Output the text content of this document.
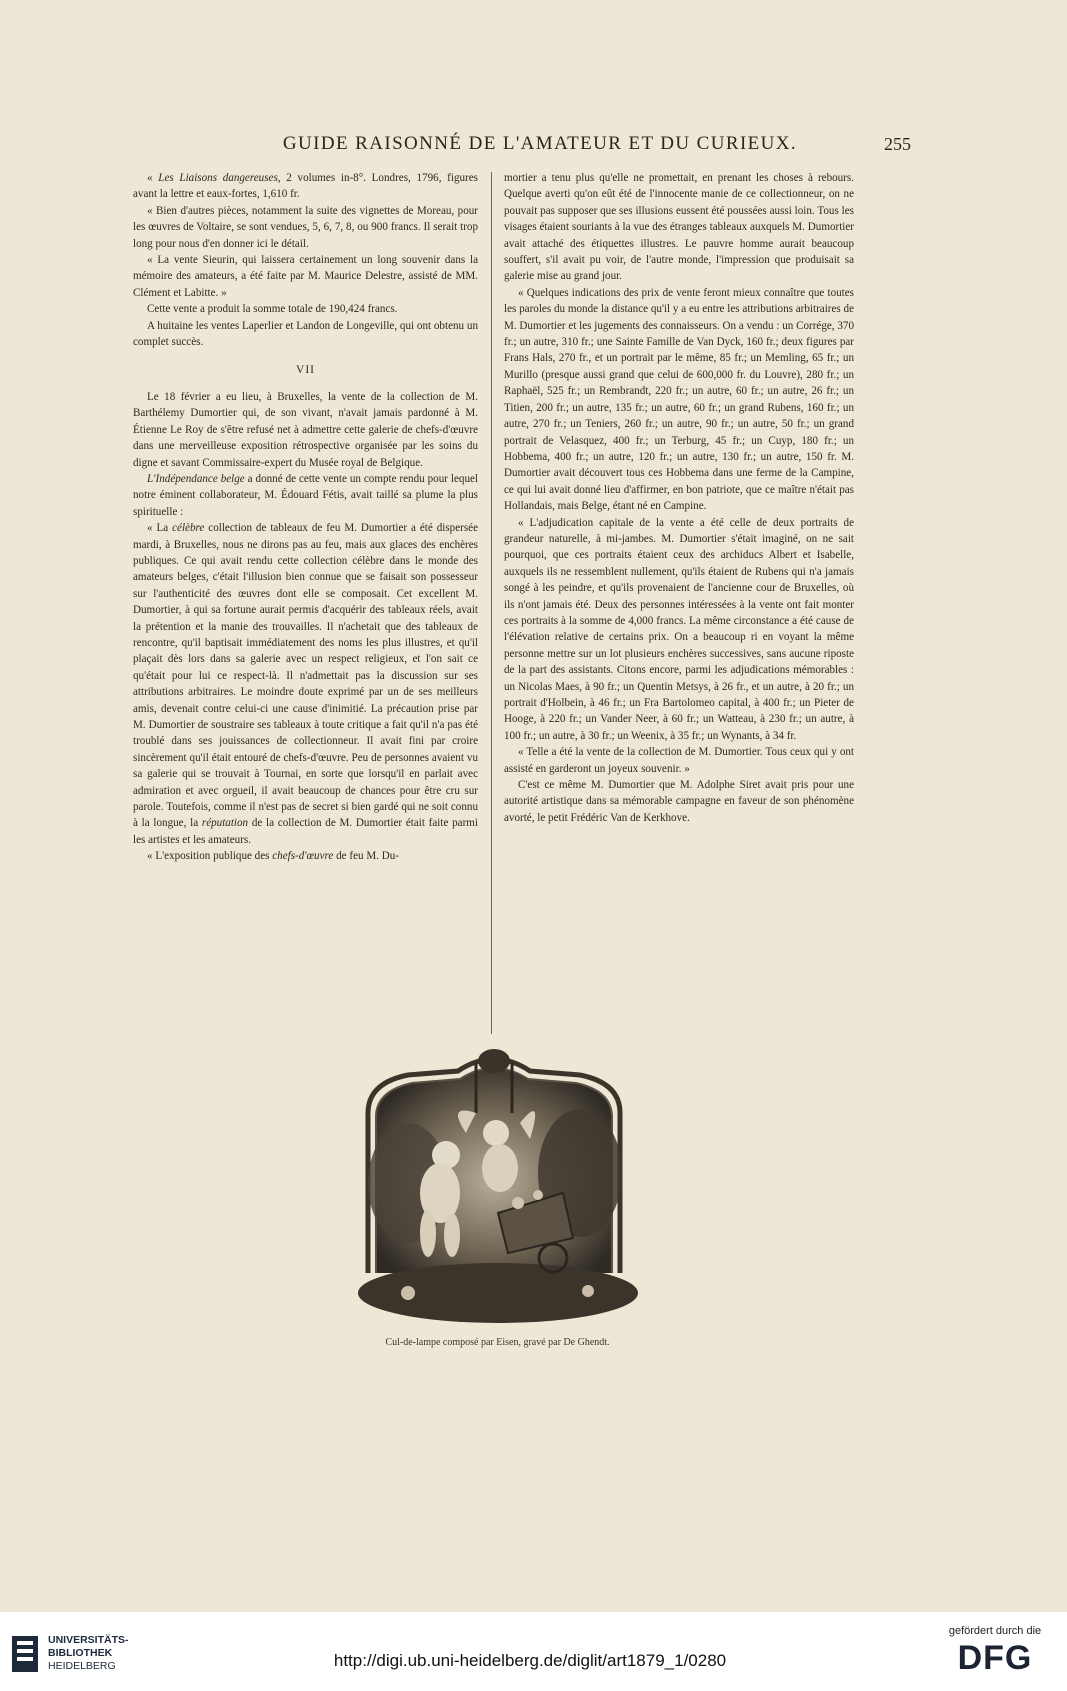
GUIDE RAISONNÉ DE L'AMATEUR ET DU CURIEUX.	255

« Les Liaisons dangereuses, 2 volumes in-8°. Londres, 1796, figures avant la lettre et eaux-fortes, 1,610 fr.

« Bien d'autres pièces, notamment la suite des vignettes de Moreau, pour les œuvres de Voltaire, se sont vendues, 5, 6, 7, 8, ou 900 francs. Il serait trop long pour nous d'en donner ici le détail.

« La vente Sieurin, qui laissera certainement un long souvenir dans la mémoire des amateurs, a été faite par M. Maurice Delestre, assisté de MM. Clément et Labitte. »

Cette vente a produit la somme totale de 190,424 francs.

A huitaine les ventes Laperlier et Landon de Longeville, qui ont obtenu un complet succès.

VII

Le 18 février a eu lieu, à Bruxelles, la vente de la collection de M. Barthélemy Dumortier qui, de son vivant, n'avait jamais pardonné à M. Étienne Le Roy de s'être refusé net à admettre cette galerie de chefs-d'œuvre dans une merveilleuse exposition rétrospective organisée par les soins du digne et savant Commissaire-expert du Musée royal de Belgique.

L'Indépendance belge a donné de cette vente un compte rendu pour lequel notre éminent collaborateur, M. Édouard Fétis, avait taillé sa plume la plus spirituelle :

« La célèbre collection de tableaux de feu M. Dumortier a été dispersée mardi, à Bruxelles, nous ne dirons pas au feu, mais aux glaces des enchères publiques. Ce qui avait rendu cette collection célèbre dans le monde des amateurs belges, c'était l'illusion bien connue que se faisait son possesseur sur l'authenticité des œuvres dont elle se composait. Cet excellent M. Dumortier, à qui sa fortune aurait permis d'acquérir des tableaux réels, avait la prétention et la manie des trouvailles. Il n'achetait que des tableaux de rencontre, qu'il baptisait immédiatement des noms les plus illustres, et qu'il plaçait dès lors dans sa galerie avec un respect religieux, et l'on sait ce qu'était pour lui ce respect-là. Il n'admettait pas la discussion sur ses attributions arbitraires. Le moindre doute exprimé par un de ses meilleurs amis, devenait contre celui-ci une cause d'inimitié. La précaution prise par M. Dumortier de soustraire ses tableaux à toute critique a fait qu'il n'a pas été troublé dans ses jouissances de collectionneur. Il avait fini par croire sincèrement qu'il était entouré de chefs-d'œuvre. Peu de personnes avaient vu sa galerie qui se trouvait à Tournai, en sorte que lorsqu'il en parlait avec admiration et avec orgueil, il avait beaucoup de chances pour être cru sur parole. Toutefois, comme il n'est pas de secret si bien gardé qui ne soit connu à la longue, la réputation de la collection de M. Dumortier était faite parmi les artistes et les amateurs.

« L'exposition publique des chefs-d'œuvre de feu M. Du-

mortier a tenu plus qu'elle ne promettait, en prenant les choses à rebours. Quelque averti qu'on eût été de l'innocente manie de ce collectionneur, on ne pouvait pas supposer que ses illusions eussent été poussées aussi loin. Tous les visages étaient souriants à la vue des étranges tableaux auxquels M. Dumortier avait attaché des étiquettes illustres. Le pauvre homme aurait beaucoup souffert, s'il avait pu voir, de l'autre monde, l'impression que produisait sa galerie mise au grand jour.

« Quelques indications des prix de vente feront mieux connaître que toutes les paroles du monde la distance qu'il y a eu entre les attributions arbitraires de M. Dumortier et les jugements des connaisseurs. On a vendu : un Corrége, 370 fr.; un autre, 310 fr.; une Sainte Famille de Van Dyck, 160 fr.; deux figures par Frans Hals, 270 fr., et un portrait par le même, 85 fr.; un Memling, 65 fr.; un Murillo (presque aussi grand que celui de 600,000 fr. du Louvre), 280 fr.; un Raphaël, 525 fr.; un Rembrandt, 220 fr.; un autre, 60 fr.; un autre, 26 fr.; un Titien, 200 fr.; un autre, 135 fr.; un autre, 60 fr.; un grand Rubens, 160 fr.; un autre, 270 fr.; un Teniers, 260 fr.; un autre, 90 fr.; un autre, 50 fr.; un grand portrait de Velasquez, 400 fr.; un Terburg, 45 fr.; un Cuyp, 180 fr.; un Hobbema, 400 fr.; un autre, 120 fr.; un autre, 130 fr.; un autre, 150 fr. M. Dumortier avait découvert tous ces Hobbema dans une ferme de la Campine, ce qui lui avait donné lieu d'affirmer, en bon patriote, que ce maître n'était pas Hollandais, mais Belge, étant né en Campine.

« L'adjudication capitale de la vente a été celle de deux portraits de grandeur naturelle, à mi-jambes. M. Dumortier s'était imaginé, on ne sait pourquoi, que ces portraits étaient ceux des archiducs Albert et Isabelle, auxquels ils ne ressemblent nullement, qu'ils étaient de Rubens qui n'a jamais songé à les peindre, et qu'ils provenaient de l'ancienne cour de Bruxelles, où ils n'ont jamais été. Deux des personnes intéressées à la vente ont fait monter ces portraits à la somme de 4,000 francs. La même circonstance a été cause de l'élévation relative de certains prix. On a beaucoup ri en voyant la même personne mettre sur un lot plusieurs enchères successives, sans aucune riposte de la part des assistants. Citons encore, parmi les adjudications mémorables : un Nicolas Maes, à 90 fr.; un Quentin Metsys, à 26 fr., et un autre, à 20 fr.; un portrait d'Holbein, à 46 fr.; un Fra Bartolomeo capital, à 400 fr.; un Pieter de Hooge, à 220 fr.; un Vander Neer, à 60 fr.; un Watteau, à 230 fr.; un autre, à 100 fr.; un autre, à 30 fr.; un Weenix, à 35 fr.; un Wynants, à 34 fr.

« Telle a été la vente de la collection de M. Dumortier. Tous ceux qui y ont assisté en garderont un joyeux souvenir. »

C'est ce même M. Dumortier que M. Adolphe Siret avait pris pour une autorité artistique dans sa mémorable campagne en faveur de son phénomène avorté, le petit Frédéric Van de Kerkhove.

Cul-de-lampe composé par Eisen, gravé par De Ghendt.
UNIVERSITÄTS-
BIBLIOTHEK
HEIDELBERG	http://digi.ub.uni-heidelberg.de/diglit/art1879_1/0280
gefördert durch die
DFG
